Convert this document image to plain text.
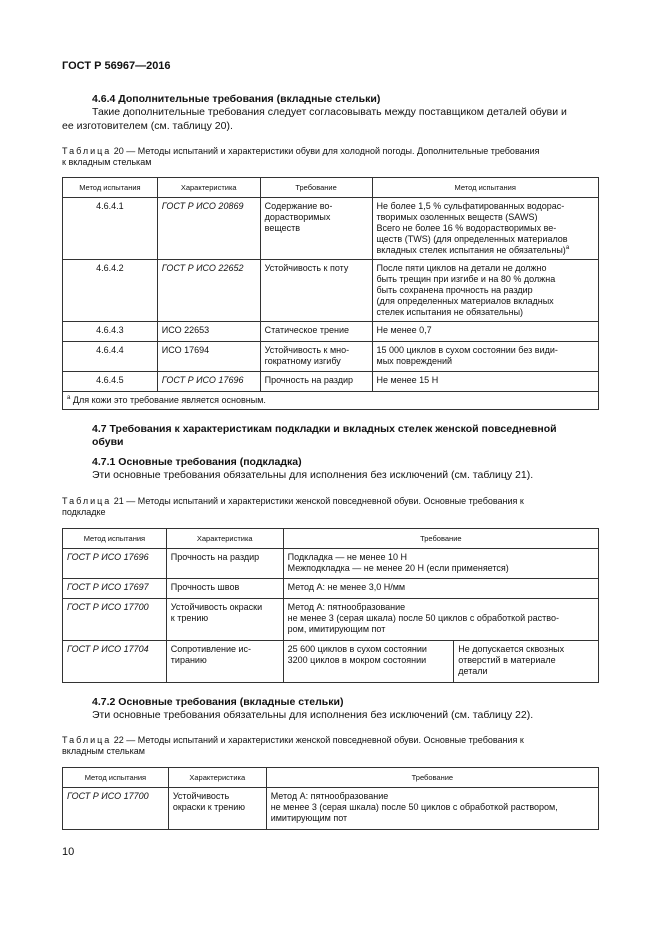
ГОСТ Р 56967—2016
4.6.4 Дополнительные требования (вкладные стельки)
Такие дополнительные требования следует согласовывать между поставщиком деталей обуви и
ее изготовителем (см. таблицу 20).
Таблица 20 — Методы испытаний и характеристики обуви для холодной погоды. Дополнительные требования
к вкладным стелькам
Метод испытания	Характеристика	Требование	Метод испытания
4.6.4.1	ГОСТ Р ИСО 20869	Содержание во-
дорастворимых
веществ	Не более 1,5 % сульфатированных водорас-
творимых озоленных веществ (SAWS)
Всего не более 16 % водорастворимых ве-
ществ (TWS) (для определенных материалов
вкладных стелек испытания не обязательны)$^a$
4.6.4.2	ГОСТ Р ИСО 22652	Устойчивость к поту	После пяти циклов на детали не должно
быть трещин при изгибе и на 80 % должна
быть сохранена прочность на раздир
(для определенных материалов вкладных
стелек испытания не обязательны)
4.6.4.3	ИСО 22653	Статическое трение	Не менее 0,7
4.6.4.4	ИСО 17694	Устойчивость к мно-
гократному изгибу	15 000 циклов в сухом состоянии без види-
мых повреждений
4.6.4.5	ГОСТ Р ИСО 17696	Прочность на раздир	Не менее 15 Н
$^а$ Для кожи это требование является основным.			
4.7 Требования к характеристикам подкладки и вкладных стелек женской повседневной
обуви
4.7.1 Основные требования (подкладка)
Эти основные требования обязательны для исполнения без исключений (см. таблицу 21).
Таблица 21 — Методы испытаний и характеристики женской повседневной обуви. Основные требования к
подкладке
Метод испытания	Характеристика	Требование	
ГОСТ Р ИСО 17696	Прочность на раздир	Подкладка — не менее 10 Н
Межподкладка — не менее 20 Н (если применяется)	
ГОСТ Р ИСО 17697	Прочность швов	Метод А: не менее 3,0 Н/мм	
ГОСТ Р ИСО 17700	Устойчивость окраски
к трению	Метод А: пятнообразование
не менее 3 (серая шкала) после 50 циклов с обработкой раство-
ром, имитирующим пот	
ГОСТ Р ИСО 17704	Сопротивление ис-
тиранию	25 600 циклов в сухом состоянии
3200 циклов в мокром состоянии	Не допускается сквозных
отверстий в материале
детали
4.7.2 Основные требования (вкладные стельки)
Эти основные требования обязательны для исполнения без исключений (см. таблицу 22).
Таблица 22 — Методы испытаний и характеристики женской повседневной обуви. Основные требования к
вкладным стелькам
Метод испытания	Характеристика	Требование
ГОСТ Р ИСО 17700	Устойчивость
окраски к трению	Метод А: пятнообразование
не менее 3 (серая шкала) после 50 циклов с обработкой раствором,
имитирующим пот
10
